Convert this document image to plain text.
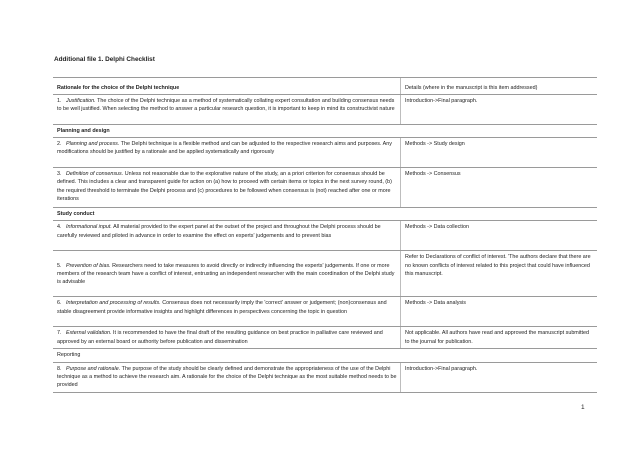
Additional file 1. Delphi Checklist

Rationale for the choice of the Delphi technique	Details (where in the manuscript is this item addressed)
1. Justification. The choice of the Delphi technique as a method of systematically collating expert consultation and building consensus needs to be well justified. When selecting the method to answer a particular research question, it is important to keep in mind its constructivist nature	Introduction->Final paragraph.
Planning and design	
2. Planning and process. The Delphi technique is a flexible method and can be adjusted to the respective research aims and purposes. Any modifications should be justified by a rationale and be applied systematically and rigorously	Methods -> Study design
3. Definition of consensus. Unless not reasonable due to the explorative nature of the study, an a priori criterion for consensus should be defined. This includes a clear and transparent guide for action on (a) how to proceed with certain items or topics in the next survey round, (b) the required threshold to terminate the Delphi process and (c) procedures to be followed when consensus is (not) reached after one or more iterations	Methods -> Consensus
Study conduct	
4. Informational input. All material provided to the expert panel at the outset of the project and throughout the Delphi process should be carefully reviewed and piloted in advance in order to examine the effect on experts' judgements and to prevent bias	Methods -> Data collection
5. Prevention of bias. Researchers need to take measures to avoid directly or indirectly influencing the experts' judgements. If one or more members of the research team have a conflict of interest, entrusting an independent researcher with the main coordination of the Delphi study is advisable	Refer to Declarations of conflict of interest. 'The authors declare that there are no known conflicts of interest related to this project that could have influenced this manuscript.
6. Interpretation and processing of results. Consensus does not necessarily imply the 'correct' answer or judgement; (non)consensus and stable disagreement provide informative insights and highlight differences in perspectives concerning the topic in question	Methods -> Data analysis
7. External validation. It is recommended to have the final draft of the resulting guidance on best practice in palliative care reviewed and approved by an external board or authority before publication and dissemination	Not applicable. All authors have read and approved the manuscript submitted to the journal for publication.
Reporting	
8. Purpose and rationale. The purpose of the study should be clearly defined and demonstrate the appropriateness of the use of the Delphi technique as a method to achieve the research aim. A rationale for the choice of the Delphi technique as the most suitable method needs to be provided	Introduction->Final paragraph.
1
